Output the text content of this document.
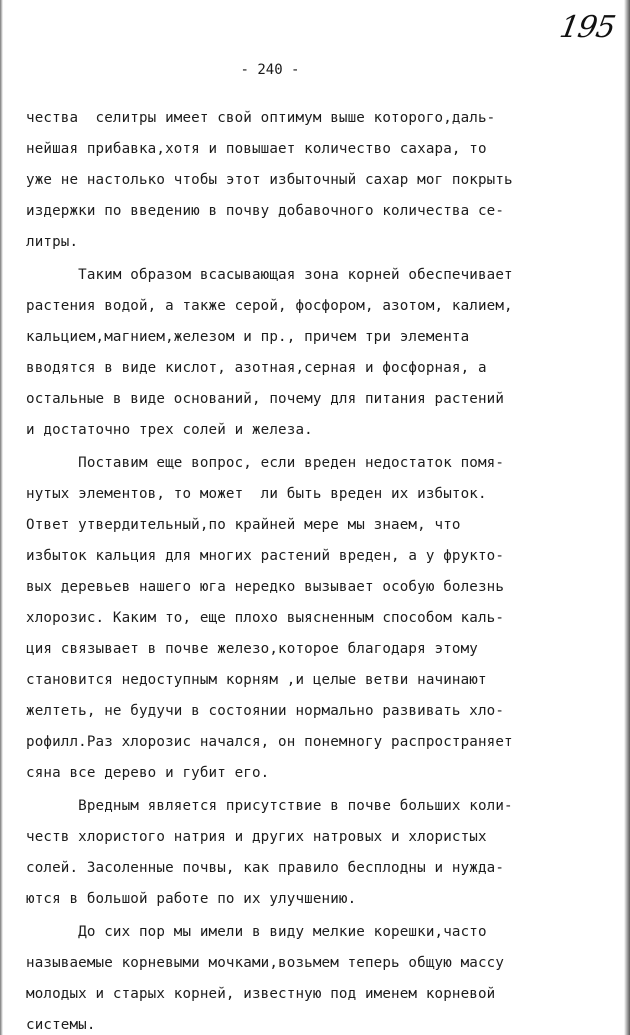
195
- 240 -
чества  селитры имеет свой оптимум выше которого,даль-
нейшая прибавка,хотя и повышает количество сахара, то
уже не настолько чтобы этот избыточный сахар мог покрыть
издержки по введению в почву добавочного количества се-
литры.
Таким образом всасывающая зона корней обеспечивает
растения водой, а также серой, фосфором, азотом, калием,
кальцием,магнием,железом и пр., причем три элемента
вводятся в виде кислот, азотная,серная и фосфорная, а
остальные в виде оснований, почему для питания растений
и достаточно трех солей и железа.
Поставим еще вопрос, если вреден недостаток помя-
нутых элементов, то может  ли быть вреден их избыток.
Ответ утвердительный,по крайней мере мы знаем, что
избыток кальция для многих растений вреден, а у фрукто-
вых деревьев нашего юга нередко вызывает особую болезнь
хлорозис. Каким то, еще плохо выясненным способом каль-
ция связывает в почве железо,которое благодаря этому
становится недоступным корням ,и целые ветви начинают
желтеть, не будучи в состоянии нормально развивать хло-
рофилл.Раз хлорозис начался, он понемногу распространяет
сяна все дерево и губит его.
Вредным является присутствие в почве больших коли-
честв хлористого натрия и других натровых и хлористых
солей. Засоленные почвы, как правило бесплодны и нужда-
ются в большой работе по их улучшению.
До сих пор мы имели в виду мелкие корешки,часто
называемые корневыми мочками,возьмем теперь общую массу
молодых и старых корней, известную под именем корневой
системы.
